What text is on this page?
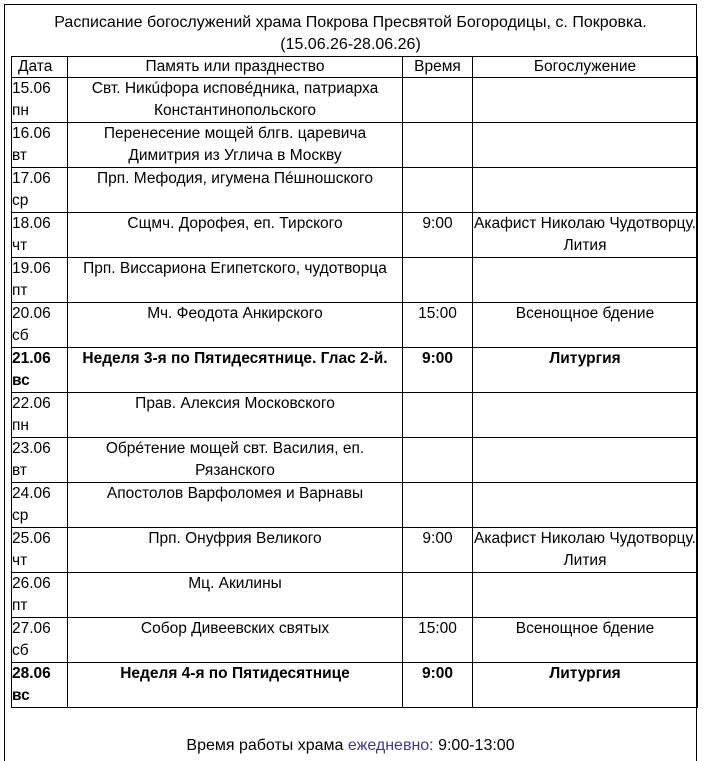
Расписание богослужений храма Покрова Пресвятой Богородицы, с. Покровка.
(15.06.26-28.06.26)
Дата	Память или празднество	Время	Богослужение

15.06
пн	Свт. Никúфора исповéдника, патриарха Константинопольского		

16.06
вт	Перенесение мощей блгв. царевича Димитрия из Углича в Москву		

17.06
ср	Прп. Мефодия, игумена Пéшношского		

18.06
чт	Сщмч. Дорофея, еп. Тирского	9:00	Акафист Николаю Чудотворцу. Лития

19.06
пт	Прп. Виссариона Египетского, чудотворца		

20.06
сб	Мч. Феодота Анкирского	15:00	Всенощное бдение

21.06
вс	Неделя 3-я по Пятидесятнице. Глас 2-й.	9:00	Литургия

22.06
пн	Прав. Алексия Московского		

23.06
вт	Обрéтение мощей свт. Василия, еп. Рязанского		

24.06
ср	Апостолов Варфоломея и Варнавы		

25.06
чт	Прп. Онуфрия Великого	9:00	Акафист Николаю Чудотворцу. Лития

26.06
пт	Мц. Акилины		

27.06
сб	Собор Дивеевских святых	15:00	Всенощное бдение

28.06
вс	Неделя 4-я по Пятидесятнице	9:00	Литургия
Время работы храма ежедневно: 9:00-13:00
